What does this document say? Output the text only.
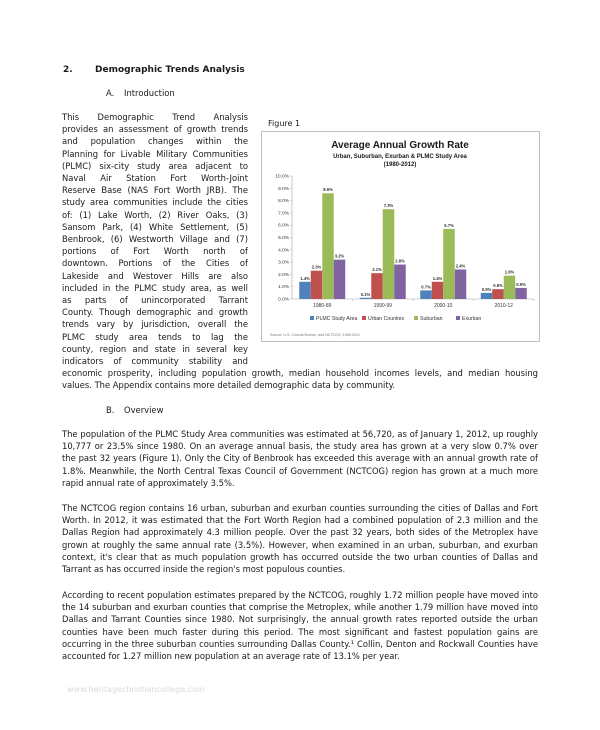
2. Demographic Trends Analysis
A. Introduction
This Demographic Trend Analysis
provides an assessment of growth trends
and population changes within the
Planning for Livable Military Communities
(PLMC) six-city study area adjacent to
Naval Air Station Fort Worth-Joint
Reserve Base (NAS Fort Worth JRB). The
study area communities include the cities
of: (1) Lake Worth, (2) River Oaks, (3)
Sansom Park, (4) White Settlement, (5)
Benbrook, (6) Westworth Village and (7)
portions of Fort Worth north of
downtown. Portions of the Cities of
Lakeside and Westover Hills are also
included in the PLMC study area, as well
as parts of unincorporated Tarrant
County. Though demographic and growth
trends vary by jurisdiction, overall the
PLMC study area tends to lag the
county, region and state in several key
indicators of community stability and

economic prosperity, including population growth, median household incomes levels, and median housing values. The Appendix contains more detailed demographic data by community.

Figure 1
Average Annual Growth Rate
Urban, Suburban, Exurban & PLMC Study Area
(1980-2012)
0.0%
1.0%
2.0%
3.0%
4.0%
5.0%
6.0%
7.0%
8.0%
9.0%
10.0%
1980-89
1.4%
2.3%
8.6%
3.2%
1990-99
0.1%
2.1%
7.3%
2.8%
2000-10
0.7%
1.4%
5.7%
2.4%
2010-12
0.5%
0.8%
1.9%
0.9%
PLMC Study Area Urban Counties	Suburban	Exurban
Source: U.S. Census Bureau, and NCTCOG, 1980-2012
B. Overview

The population of the PLMC Study Area communities was estimated at 56,720, as of January 1, 2012, up roughly 10,777 or 23.5% since 1980. On an average annual basis, the study area has grown at a very slow 0.7% over the past 32 years (Figure 1). Only the City of Benbrook has exceeded this average with an annual growth rate of 1.8%. Meanwhile, the North Central Texas Council of Government (NCTCOG) region has grown at a much more rapid annual rate of approximately 3.5%.

The NCTCOG region contains 16 urban, suburban and exurban counties surrounding the cities of Dallas and Fort Worth. In 2012, it was estimated that the Fort Worth Region had a combined population of 2.3 million and the Dallas Region had approximately 4.3 million people. Over the past 32 years, both sides of the Metroplex have grown at roughly the same annual rate (3.5%). However, when examined in an urban, suburban, and exurban context, it's clear that as much population growth has occurred outside the two urban counties of Dallas and Tarrant as has occurred inside the region's most populous counties.

According to recent population estimates prepared by the NCTCOG, roughly 1.72 million people have moved into the 14 suburban and exurban counties that comprise the Metroplex, while another 1.79 million have moved into Dallas and Tarrant Counties since 1980. Not surprisingly, the annual growth rates reported outside the urban counties have been much faster during this period. The most significant and fastest population gains are occurring in the three suburban counties surrounding Dallas County.¹ Collin, Denton and Rockwall Counties have accounted for 1.27 million new population at an average rate of 13.1% per year.

www.heritagechristiancollege.com
